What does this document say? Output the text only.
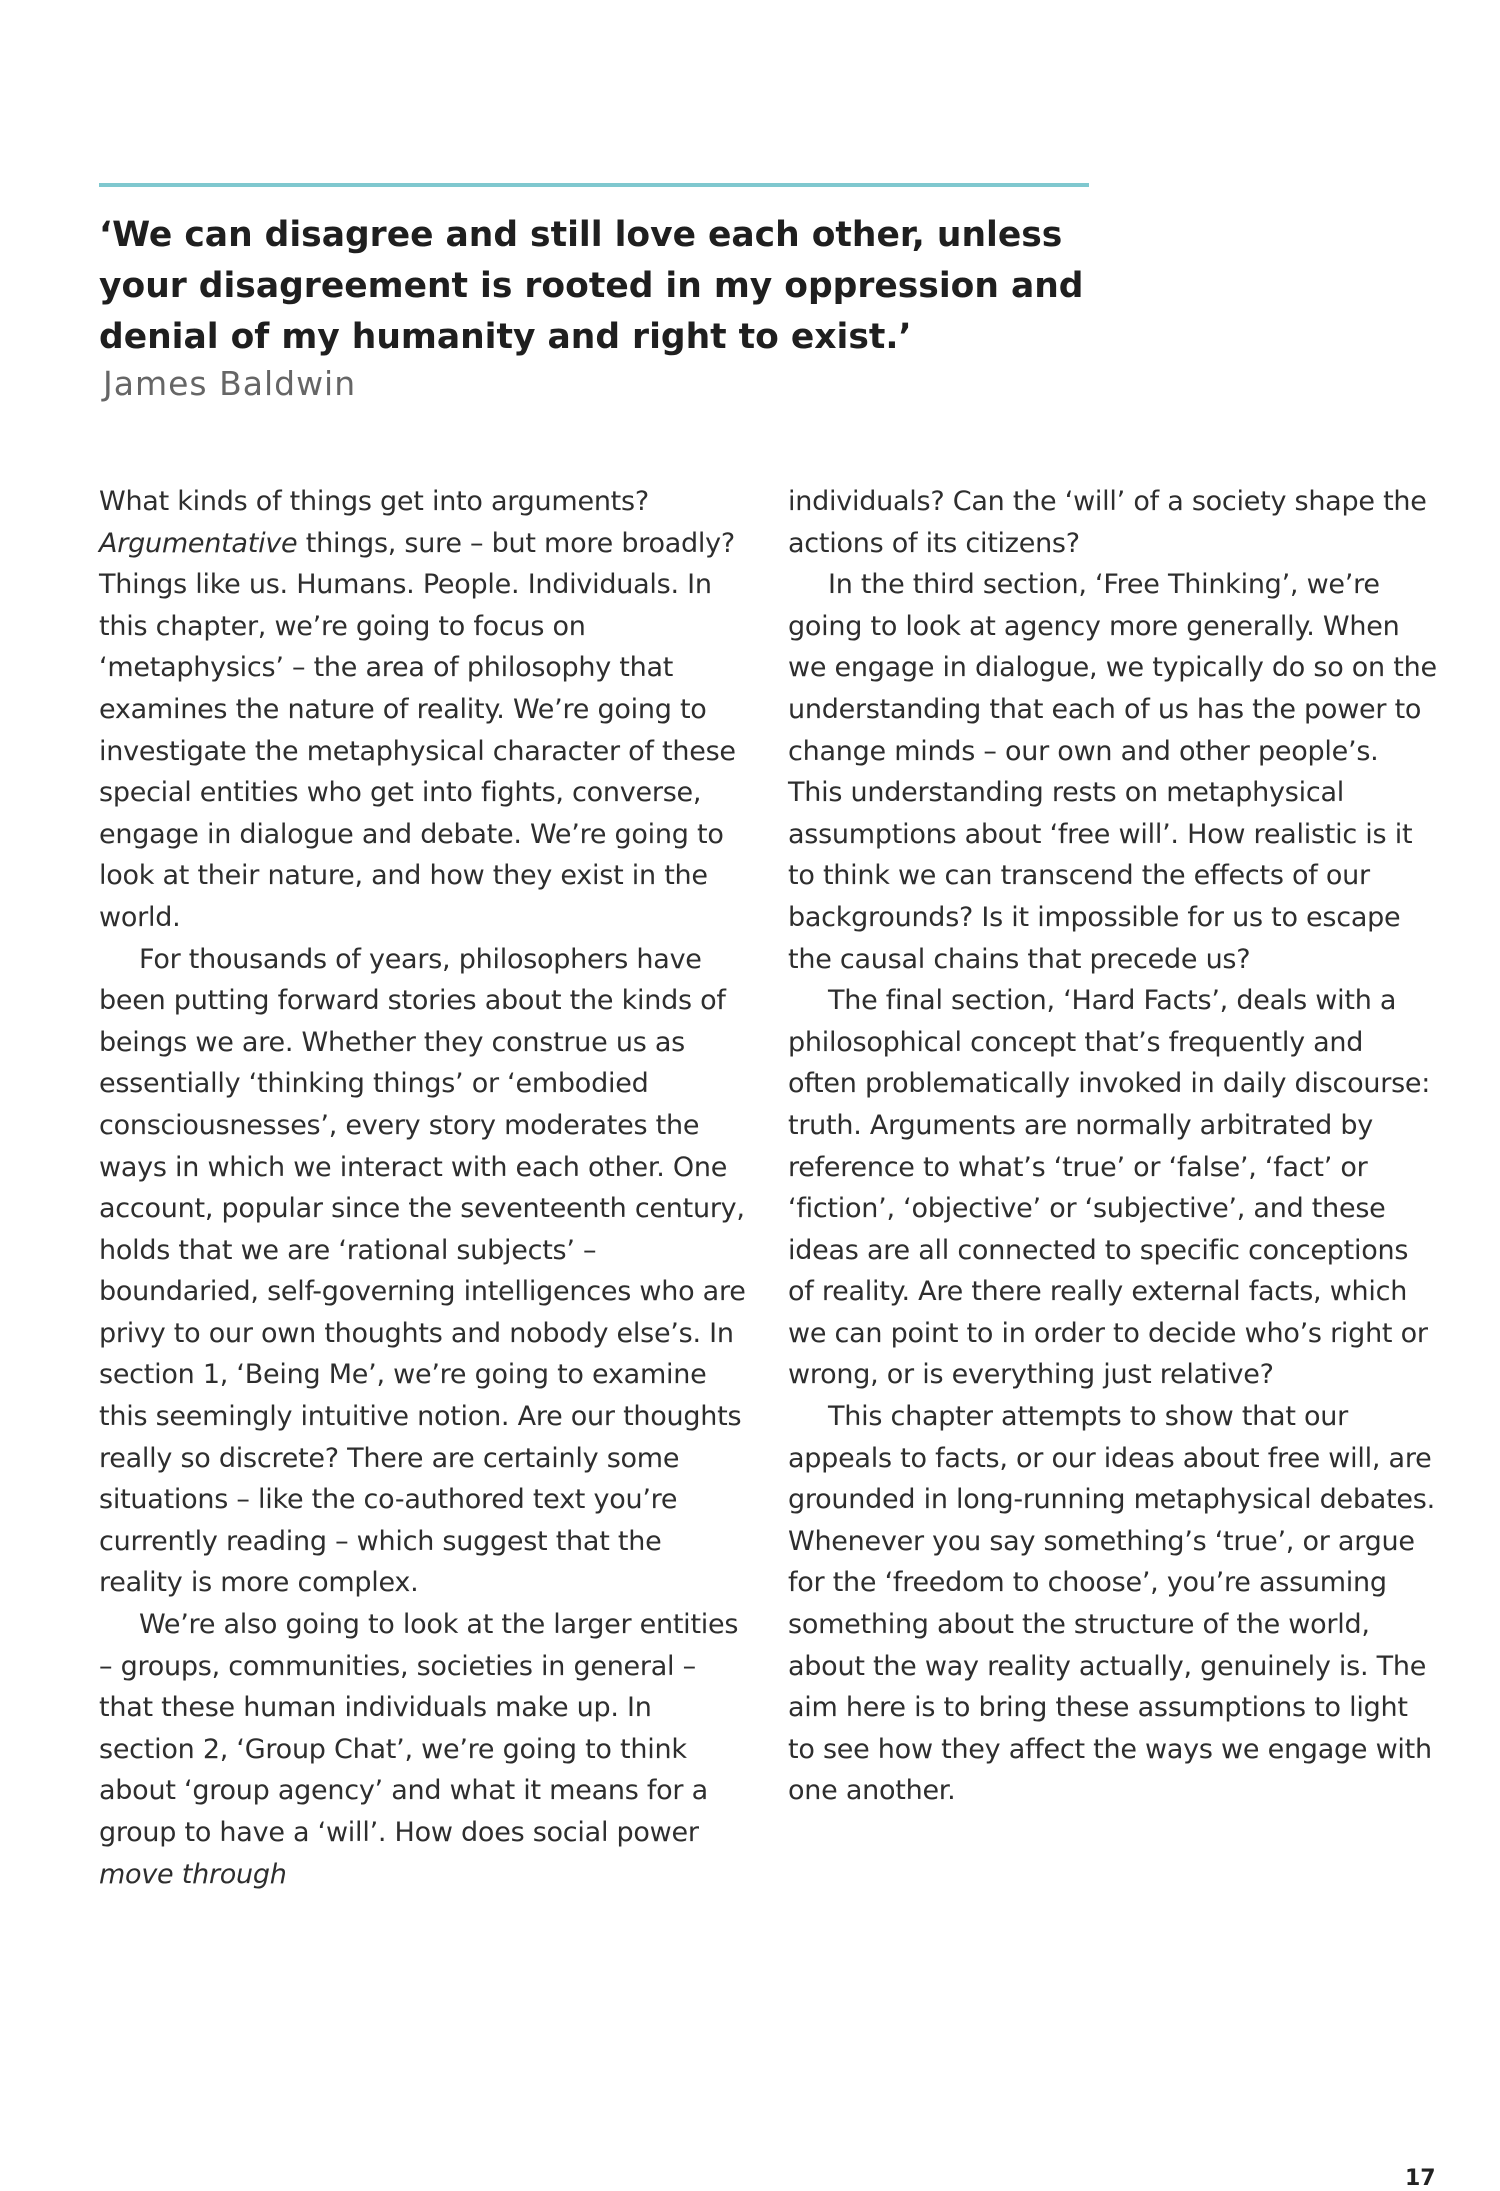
‘We can disagree and still love each other, unless your disagreement is rooted in my oppression and denial of my humanity and right to exist.’

James Baldwin

What kinds of things get into arguments? Argumentative things, sure – but more broadly? Things like us. Humans. People. Individuals. In this chapter, we’re going to focus on ‘metaphysics’ – the area of philosophy that examines the nature of reality. We’re going to investigate the metaphysical character of these special entities who get into fights, converse, engage in dialogue and debate. We’re going to look at their nature, and how they exist in the world.

For thousands of years, philosophers have been putting forward stories about the kinds of beings we are. Whether they construe us as essentially ‘thinking things’ or ‘embodied consciousnesses’, every story moderates the ways in which we interact with each other. One account, popular since the seventeenth century, holds that we are ‘rational subjects’ – boundaried, self-governing intelligences who are privy to our own thoughts and nobody else’s. In section 1, ‘Being Me’, we’re going to examine this seemingly intuitive notion. Are our thoughts really so discrete? There are certainly some situations – like the co-authored text you’re currently reading – which suggest that the reality is more complex.

We’re also going to look at the larger entities – groups, communities, societies in general – that these human individuals make up. In section 2, ‘Group Chat’, we’re going to think about ‘group agency’ and what it means for a group to have a ‘will’. How does social power move through

individuals? Can the ‘will’ of a society shape the actions of its citizens?

In the third section, ‘Free Thinking’, we’re going to look at agency more generally. When we engage in dialogue, we typically do so on the understanding that each of us has the power to change minds – our own and other people’s. This understanding rests on metaphysical assumptions about ‘free will’. How realistic is it to think we can transcend the effects of our backgrounds? Is it impossible for us to escape the causal chains that precede us?

The final section, ‘Hard Facts’, deals with a philosophical concept that’s frequently and often problematically invoked in daily discourse: truth. Arguments are normally arbitrated by reference to what’s ‘true’ or ‘false’, ‘fact’ or ‘fiction’, ‘objective’ or ‘subjective’, and these ideas are all connected to specific conceptions of reality. Are there really external facts, which we can point to in order to decide who’s right or wrong, or is everything just relative?

This chapter attempts to show that our appeals to facts, or our ideas about free will, are grounded in long-running metaphysical debates. Whenever you say something’s ‘true’, or argue for the ‘freedom to choose’, you’re assuming something about the structure of the world, about the way reality actually, genuinely is. The aim here is to bring these assumptions to light to see how they affect the ways we engage with one another.

17
